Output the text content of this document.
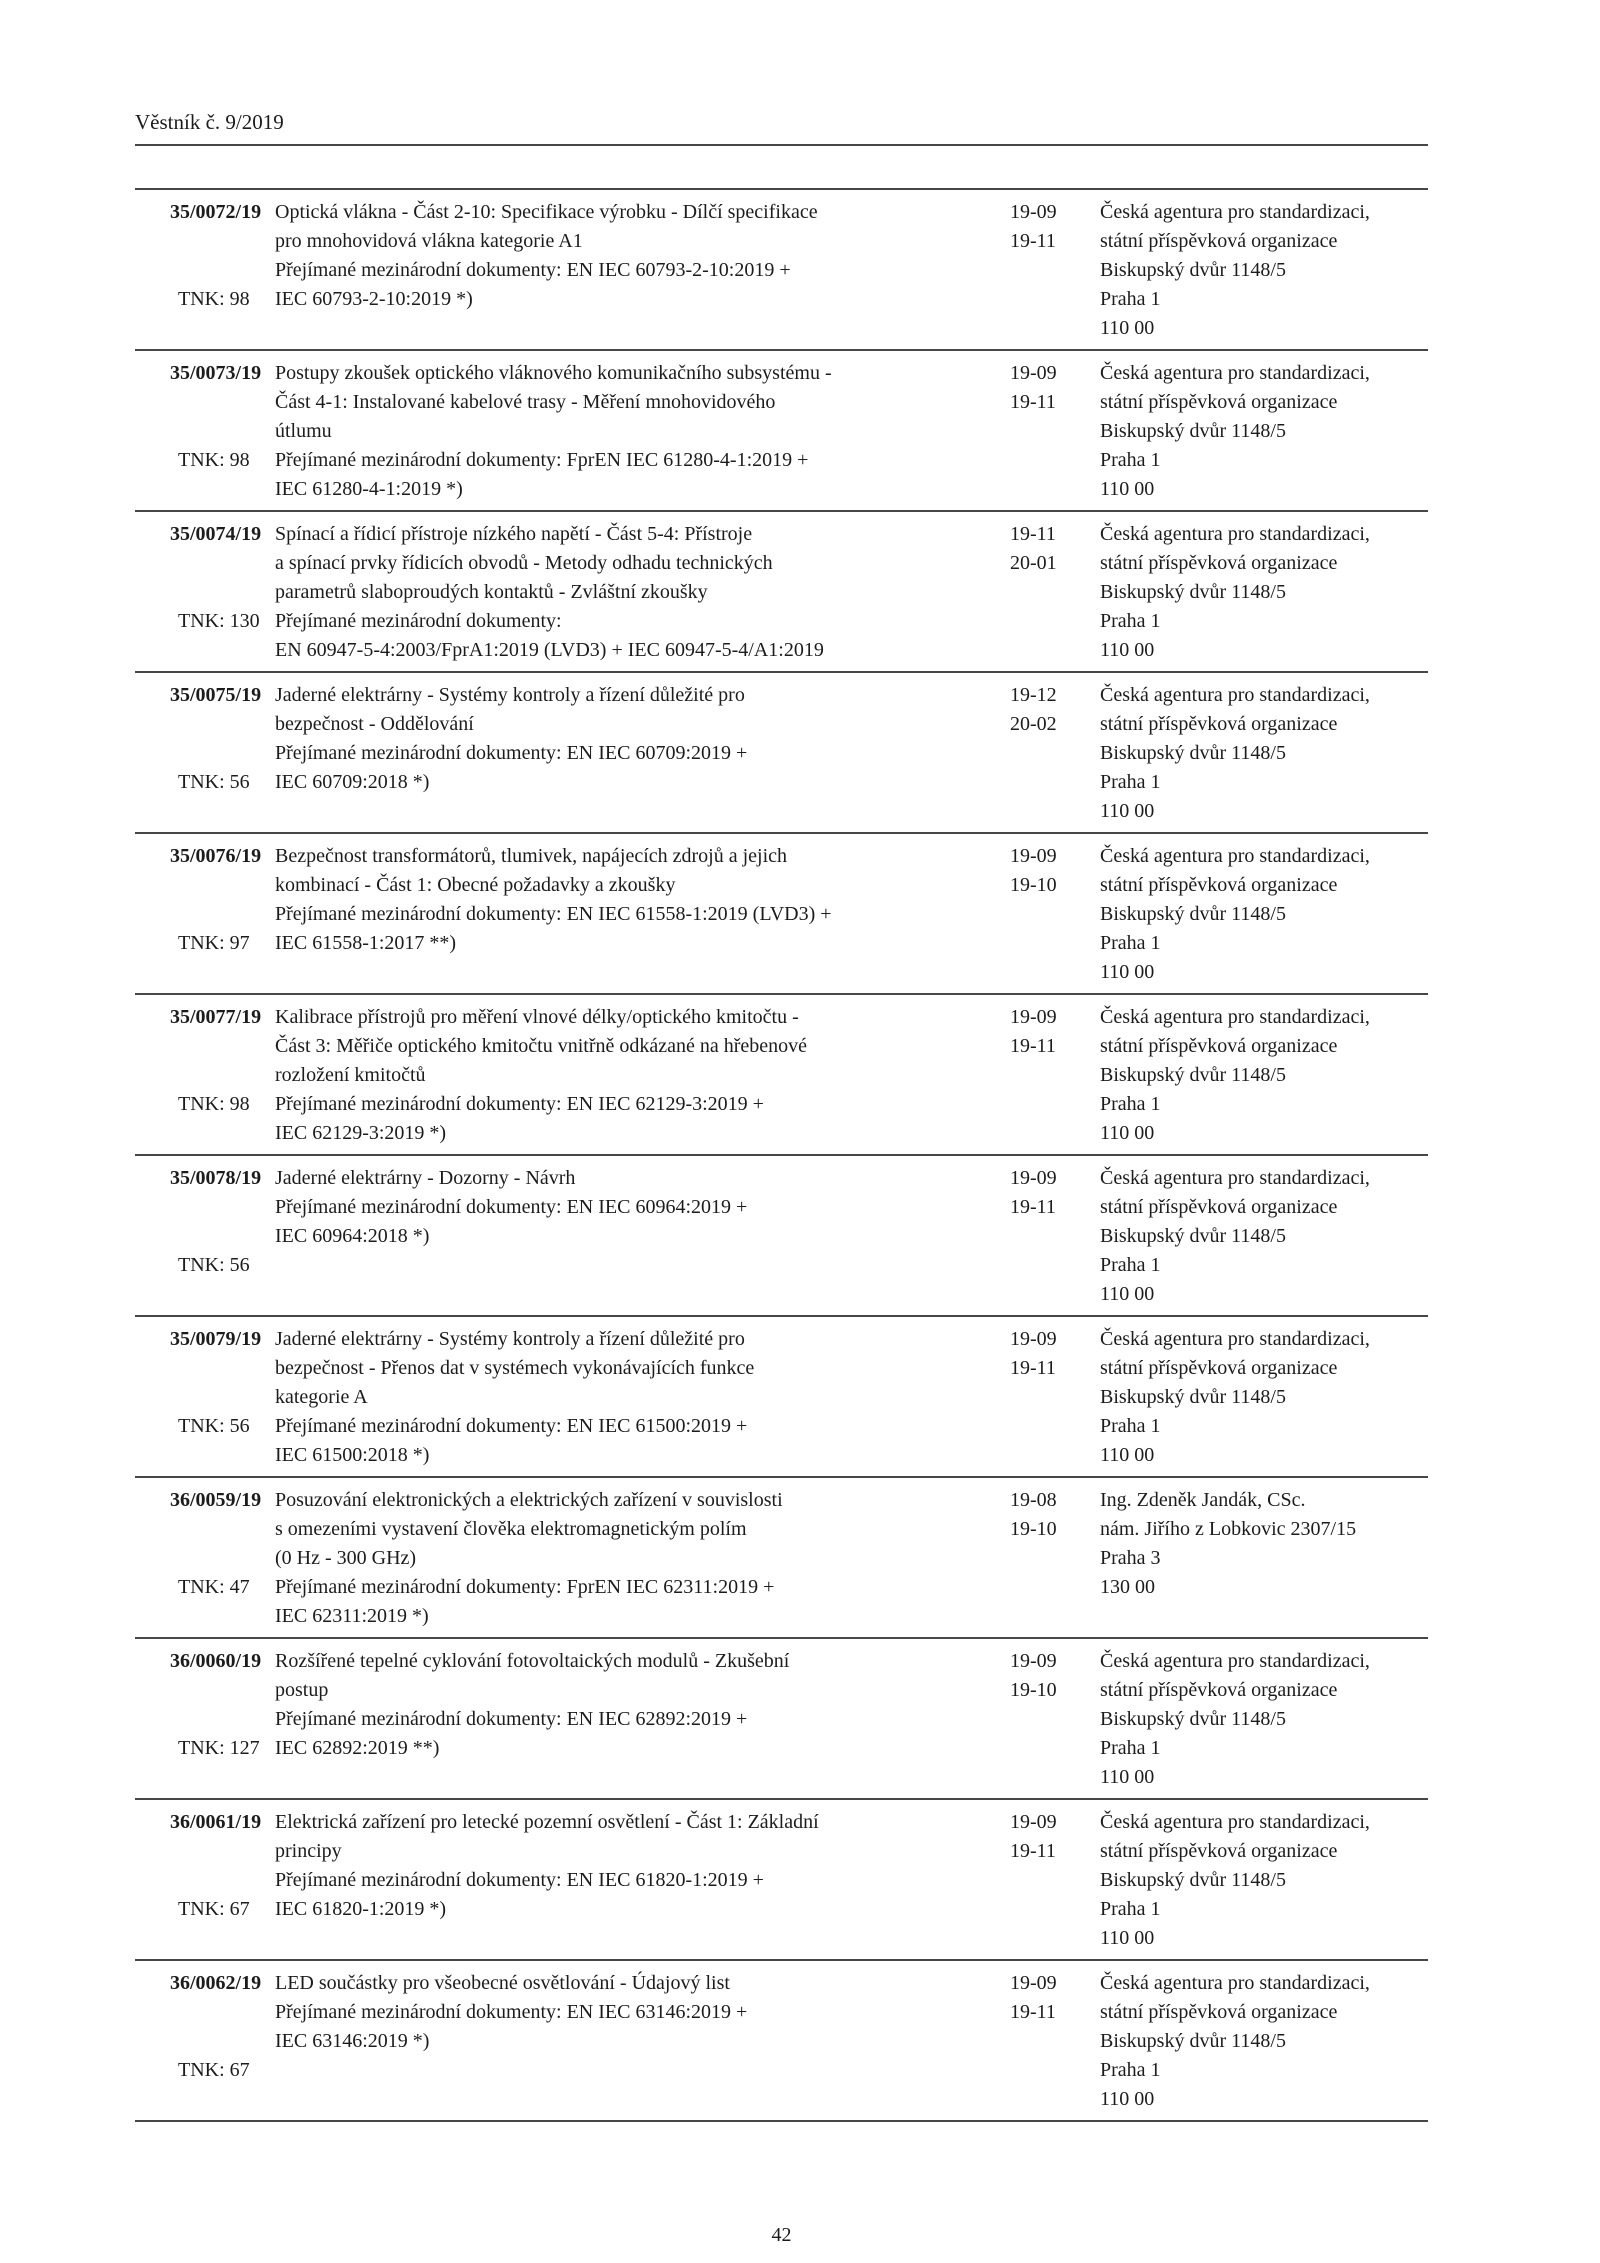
Věstník č. 9/2019
35/0072/19
TNK: 98
Optická vlákna - Část 2-10: Specifikace výrobku - Dílčí specifikace
pro mnohovidová vlákna kategorie A1
Přejímané mezinárodní dokumenty: EN IEC 60793-2-10:2019 +
IEC 60793-2-10:2019 *)
19-09
19-11
Česká agentura pro standardizaci,
státní příspěvková organizace
Biskupský dvůr 1148/5
Praha 1
110 00
35/0073/19
TNK: 98
Postupy zkoušek optického vláknového komunikačního subsystému -
Část 4-1: Instalované kabelové trasy - Měření mnohovidového
útlumu
Přejímané mezinárodní dokumenty: FprEN IEC 61280-4-1:2019 +
IEC 61280-4-1:2019 *)
19-09
19-11
Česká agentura pro standardizaci,
státní příspěvková organizace
Biskupský dvůr 1148/5
Praha 1
110 00
35/0074/19
TNK: 130
Spínací a řídicí přístroje nízkého napětí - Část 5-4: Přístroje
a spínací prvky řídicích obvodů - Metody odhadu technických
parametrů slaboproudých kontaktů - Zvláštní zkoušky
Přejímané mezinárodní dokumenty:
EN 60947-5-4:2003/FprA1:2019 (LVD3) + IEC 60947-5-4/A1:2019
19-11
20-01
Česká agentura pro standardizaci,
státní příspěvková organizace
Biskupský dvůr 1148/5
Praha 1
110 00
35/0075/19
TNK: 56
Jaderné elektrárny - Systémy kontroly a řízení důležité pro
bezpečnost - Oddělování
Přejímané mezinárodní dokumenty: EN IEC 60709:2019 +
IEC 60709:2018 *)
19-12
20-02
Česká agentura pro standardizaci,
státní příspěvková organizace
Biskupský dvůr 1148/5
Praha 1
110 00
35/0076/19
TNK: 97
Bezpečnost transformátorů, tlumivek, napájecích zdrojů a jejich
kombinací - Část 1: Obecné požadavky a zkoušky
Přejímané mezinárodní dokumenty: EN IEC 61558-1:2019 (LVD3) +
IEC 61558-1:2017 **)
19-09
19-10
Česká agentura pro standardizaci,
státní příspěvková organizace
Biskupský dvůr 1148/5
Praha 1
110 00
35/0077/19
TNK: 98
Kalibrace přístrojů pro měření vlnové délky/optického kmitočtu -
Část 3: Měřiče optického kmitočtu vnitřně odkázané na hřebenové
rozložení kmitočtů
Přejímané mezinárodní dokumenty: EN IEC 62129-3:2019 +
IEC 62129-3:2019 *)
19-09
19-11
Česká agentura pro standardizaci,
státní příspěvková organizace
Biskupský dvůr 1148/5
Praha 1
110 00
35/0078/19
TNK: 56
Jaderné elektrárny - Dozorny - Návrh
Přejímané mezinárodní dokumenty: EN IEC 60964:2019 +
IEC 60964:2018 *)
19-09
19-11
Česká agentura pro standardizaci,
státní příspěvková organizace
Biskupský dvůr 1148/5
Praha 1
110 00
35/0079/19
TNK: 56
Jaderné elektrárny - Systémy kontroly a řízení důležité pro
bezpečnost - Přenos dat v systémech vykonávajících funkce
kategorie A
Přejímané mezinárodní dokumenty: EN IEC 61500:2019 +
IEC 61500:2018 *)
19-09
19-11
Česká agentura pro standardizaci,
státní příspěvková organizace
Biskupský dvůr 1148/5
Praha 1
110 00
36/0059/19
TNK: 47
Posuzování elektronických a elektrických zařízení v souvislosti
s omezeními vystavení člověka elektromagnetickým polím
(0 Hz - 300 GHz)
Přejímané mezinárodní dokumenty: FprEN IEC 62311:2019 +
IEC 62311:2019 *)
19-08
19-10
Ing. Zdeněk Jandák, CSc.
nám. Jiřího z Lobkovic 2307/15
Praha 3
130 00
36/0060/19
TNK: 127
Rozšířené tepelné cyklování fotovoltaických modulů - Zkušební
postup
Přejímané mezinárodní dokumenty: EN IEC 62892:2019 +
IEC 62892:2019 **)
19-09
19-10
Česká agentura pro standardizaci,
státní příspěvková organizace
Biskupský dvůr 1148/5
Praha 1
110 00
36/0061/19
TNK: 67
Elektrická zařízení pro letecké pozemní osvětlení - Část 1: Základní
principy
Přejímané mezinárodní dokumenty: EN IEC 61820-1:2019 +
IEC 61820-1:2019 *)
19-09
19-11
Česká agentura pro standardizaci,
státní příspěvková organizace
Biskupský dvůr 1148/5
Praha 1
110 00
36/0062/19
TNK: 67
LED součástky pro všeobecné osvětlování - Údajový list
Přejímané mezinárodní dokumenty: EN IEC 63146:2019 +
IEC 63146:2019 *)
19-09
19-11
Česká agentura pro standardizaci,
státní příspěvková organizace
Biskupský dvůr 1148/5
Praha 1
110 00
42
